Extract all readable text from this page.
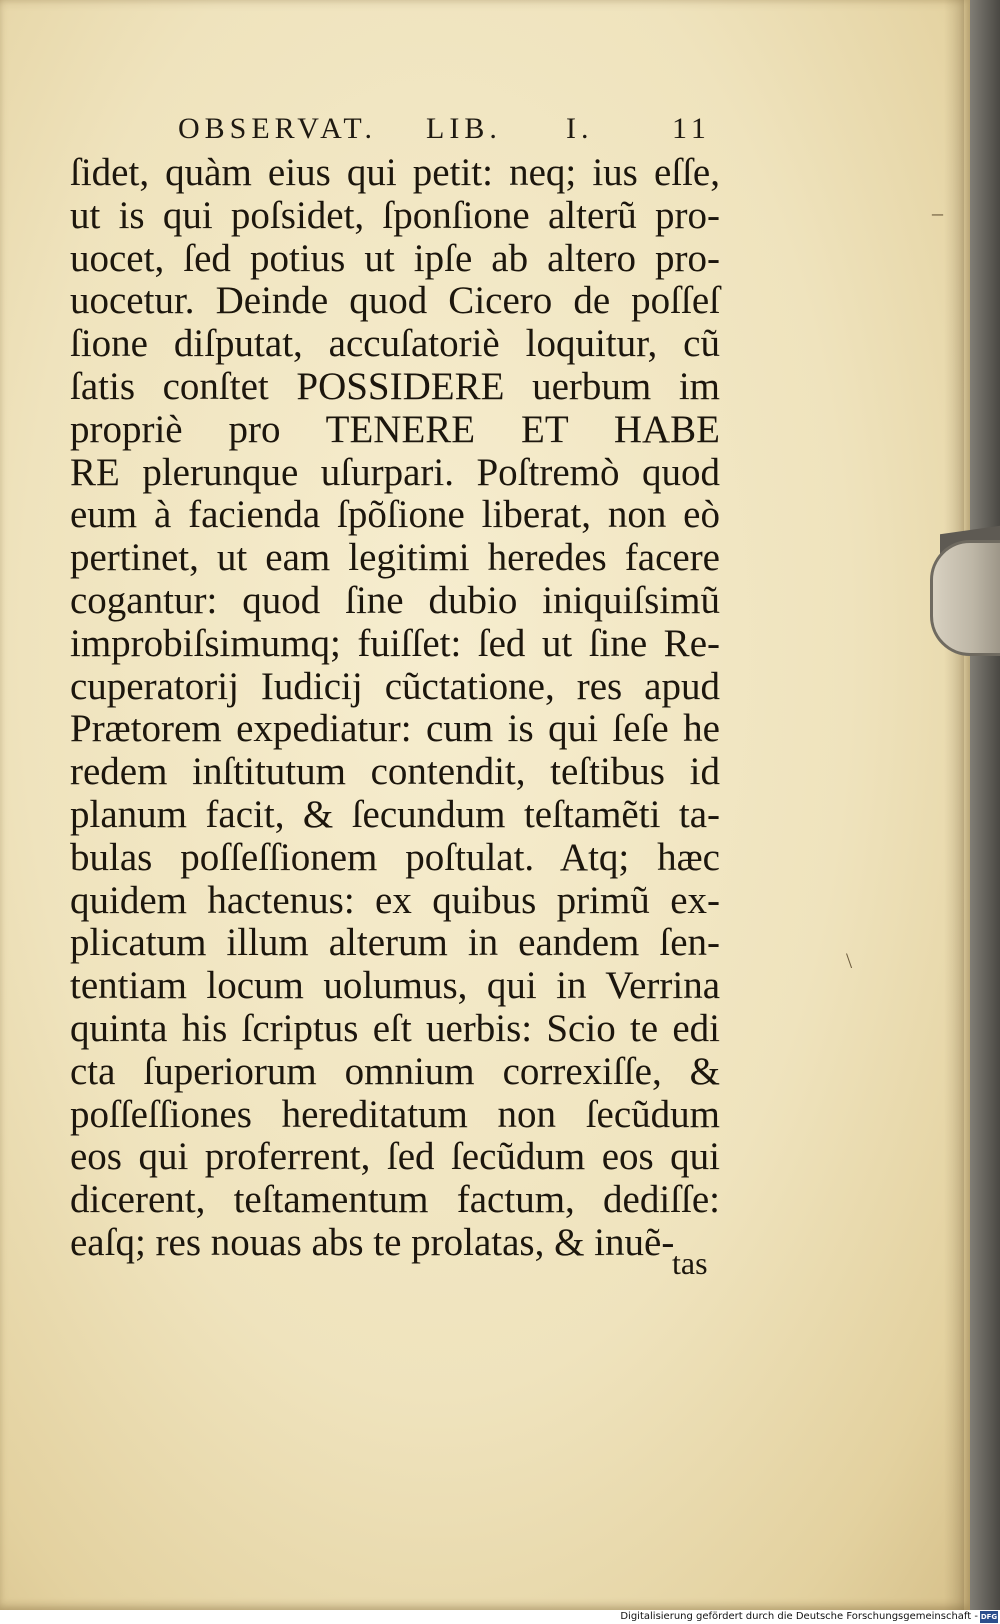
OBSERVAT. LIB. I.	11
ſidet, quàm eius qui petit: neq; ius eſſe,
ut is qui poſsidet, ſponſione alterũ pro-
uocet, ſed potius ut ipſe ab altero pro-
uocetur. Deinde quod Cicero de poſſeſ
ſione diſputat, accuſatoriè loquitur, cũ
ſatis conſtet POSSIDERE uerbum im
propriè pro TENERE ET HABE
RE plerunque uſurpari. Poſtremò quod
eum à facienda ſpõſione liberat, non eò
pertinet, ut eam legitimi heredes facere
cogantur: quod ſine dubio iniquiſsimũ
improbiſsimumq; fuiſſet: ſed ut ſine Re-
cuperatorij Iudicij cũctatione, res apud
Prætorem expediatur: cum is qui ſeſe he
redem inſtitutum contendit, teſtibus id
planum facit, & ſecundum teſtamẽti ta-
bulas poſſeſſionem poſtulat. Atq; hæc
quidem hactenus: ex quibus primũ ex-
plicatum illum alterum in eandem ſen-
tentiam locum uolumus, qui in Verrina
quinta his ſcriptus eſt uerbis: Scio te edi
cta ſuperiorum omnium correxiſſe, &
poſſeſſiones hereditatum non ſecũdum
eos qui proferrent, ſed ſecũdum eos qui
dicerent, teſtamentum factum, dediſſe:
eaſq; res nouas abs te prolatas, & inuẽ-
tas
–
\
Digitalisierung gefördert durch die Deutsche Forschungsgemeinschaft - DFG
